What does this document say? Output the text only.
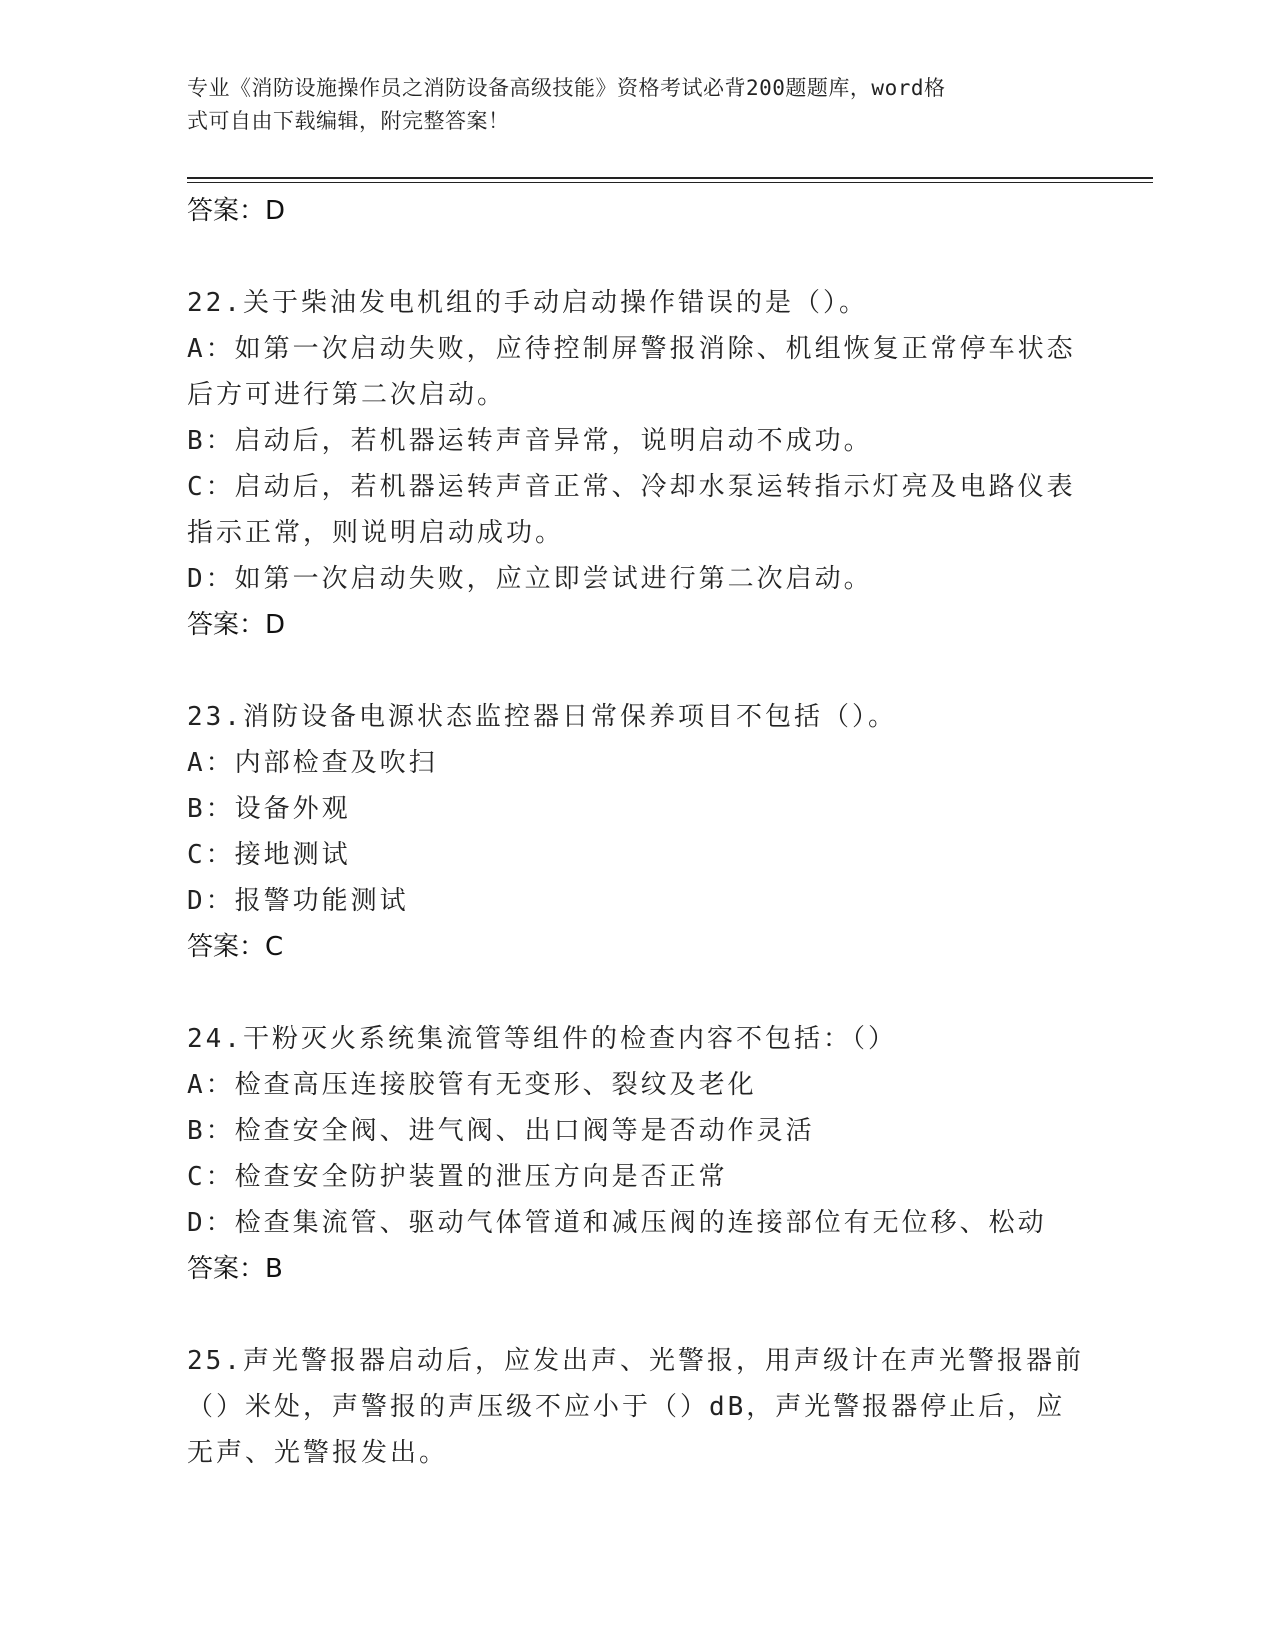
专业《消防设施操作员之消防设备高级技能》资格考试必背200题题库，word格
式可自由下载编辑，附完整答案！
答案：D
22.关于柴油发电机组的手动启动操作错误的是（）。
A：如第一次启动失败，应待控制屏警报消除、机组恢复正常停车状态
后方可进行第二次启动。
B：启动后，若机器运转声音异常，说明启动不成功。
C：启动后，若机器运转声音正常、冷却水泵运转指示灯亮及电路仪表
指示正常，则说明启动成功。
D：如第一次启动失败，应立即尝试进行第二次启动。
答案：D
23.消防设备电源状态监控器日常保养项目不包括（）。
A：内部检查及吹扫
B：设备外观
C：接地测试
D：报警功能测试
答案：C
24.干粉灭火系统集流管等组件的检查内容不包括：（）
A：检查高压连接胶管有无变形、裂纹及老化
B：检查安全阀、进气阀、出口阀等是否动作灵活
C：检查安全防护装置的泄压方向是否正常
D：检查集流管、驱动气体管道和减压阀的连接部位有无位移、松动
答案：B
25.声光警报器启动后，应发出声、光警报，用声级计在声光警报器前
（）米处，声警报的声压级不应小于（）dB，声光警报器停止后，应
无声、光警报发出。
